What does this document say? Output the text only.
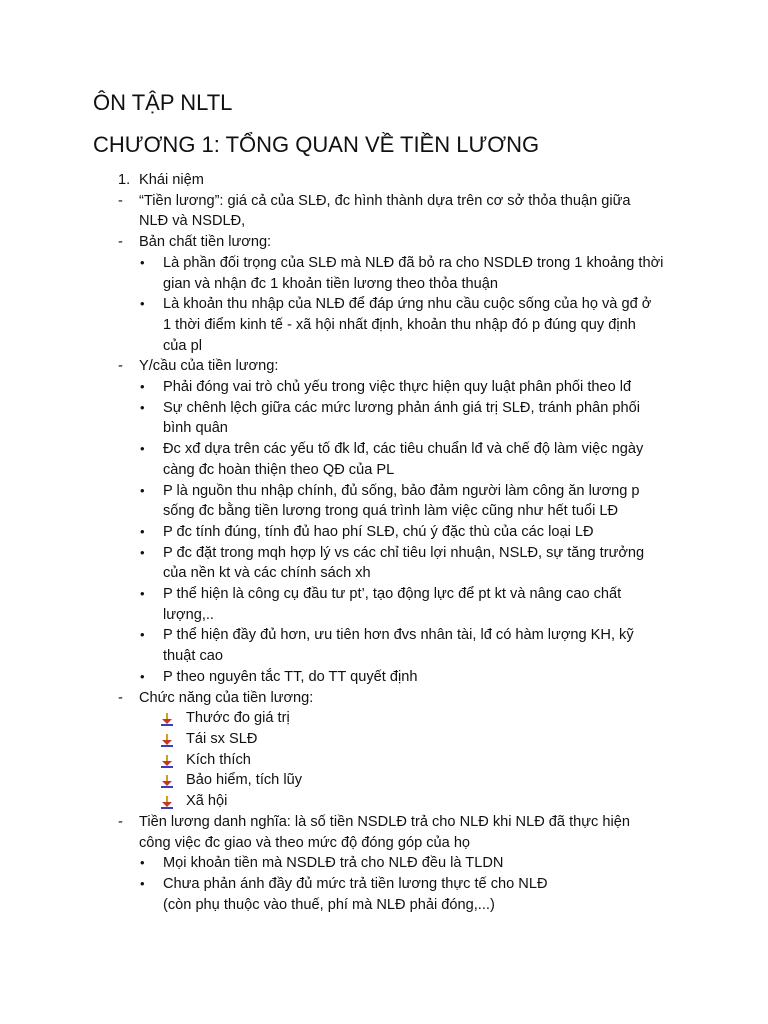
ÔN TẬP NLTL
CHƯƠNG 1: TỔNG QUAN VỀ TIỀN LƯƠNG
1. Khái niệm
- “Tiền lương”: giá cả của SLĐ, đc hình thành dựa trên cơ sở thỏa thuận giữa
NLĐ và NSDLĐ,
- Bản chất tiền lương:
• Là phần đối trọng của SLĐ mà NLĐ đã bỏ ra cho NSDLĐ trong 1 khoảng thời
gian và nhận đc 1 khoản tiền lương theo thỏa thuận
• Là khoản thu nhập của NLĐ để đáp ứng nhu cầu cuộc sống của họ và gđ ở
1 thời điểm kinh tế - xã hội nhất định, khoản thu nhập đó p đúng quy định
của pl
- Y/cầu của tiền lương:
• Phải đóng vai trò chủ yếu trong việc thực hiện quy luật phân phối theo lđ
• Sự chênh lệch giữa các mức lương phản ánh giá trị SLĐ, tránh phân phối
bình quân
• Đc xđ dựa trên các yếu tố đk lđ, các tiêu chuẩn lđ và chế độ làm việc ngày
càng đc hoàn thiện theo QĐ của PL
• P là nguồn thu nhập chính, đủ sống, bảo đảm người làm công ăn lương p
sống đc bằng tiền lương trong quá trình làm việc cũng như hết tuổi LĐ
• P đc tính đúng, tính đủ hao phí SLĐ, chú ý đặc thù của các loại LĐ
• P đc đặt trong mqh hợp lý vs các chỉ tiêu lợi nhuận, NSLĐ, sự tăng trưởng
của nền kt và các chính sách xh
• P thể hiện là công cụ đầu tư pt’, tạo động lực để pt kt và nâng cao chất
lượng,..
• P thể hiện đầy đủ hơn, ưu tiên hơn đvs nhân tài, lđ có hàm lượng KH, kỹ
thuật cao
• P theo nguyên tắc TT, do TT quyết định
- Chức năng của tiền lương:
Thước đo giá trị
Tái sx SLĐ
Kích thích
Bảo hiểm, tích lũy
Xã hội
- Tiền lương danh nghĩa: là số tiền NSDLĐ trả cho NLĐ khi NLĐ đã thực hiện
công việc đc giao và theo mức độ đóng góp của họ
• Mọi khoản tiền mà NSDLĐ trả cho NLĐ đều là TLDN
• Chưa phản ánh đầy đủ mức trả tiền lương thực tế cho NLĐ
(còn phụ thuộc vào thuế, phí mà NLĐ phải đóng,...)
